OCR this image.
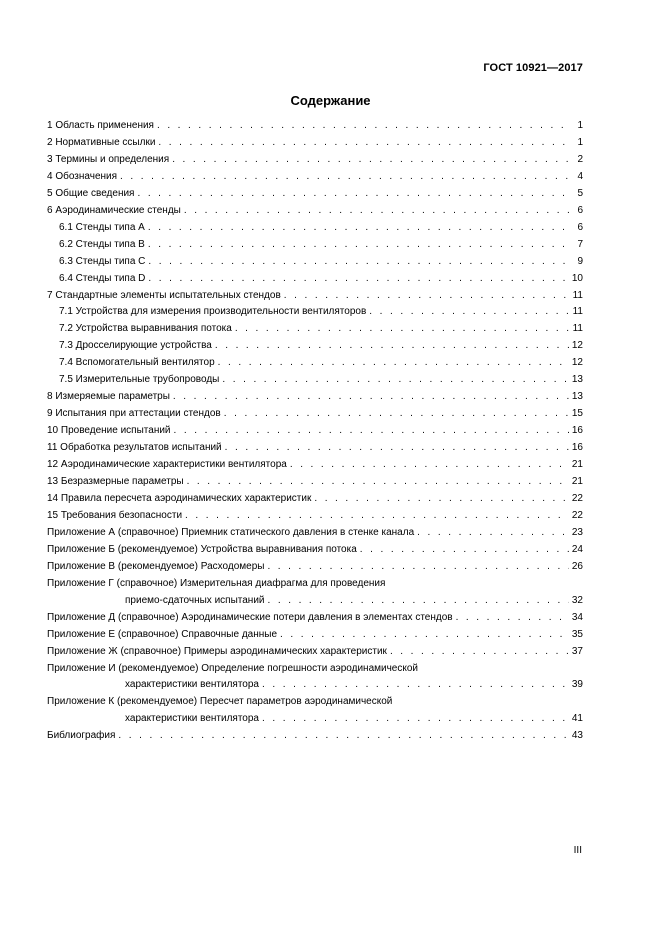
ГОСТ 10921—2017
Содержание
1 Область применения . . .	1
2 Нормативные ссылки . . .	1
3 Термины и определения . . .	2
4 Обозначения . . .	4
5 Общие сведения . . .	5
6 Аэродинамические стенды . . .	6
6.1 Стенды типа А . . .	6
6.2 Стенды типа В . . .	7
6.3 Стенды типа С . . .	9
6.4 Стенды типа D . . .	10
7 Стандартные элементы испытательных стендов . . .	11
7.1 Устройства для измерения производительности вентиляторов . . .	11
7.2 Устройства выравнивания потока . . .	11
7.3 Дросселирующие устройства . . .	12
7.4 Вспомогательный вентилятор . . .	12
7.5 Измерительные трубопроводы . . .	13
8 Измеряемые параметры . . .	13
9 Испытания при аттестации стендов . . .	15
10 Проведение испытаний . . .	16
11 Обработка результатов испытаний . . .	16
12 Аэродинамические характеристики вентилятора . . .	21
13 Безразмерные параметры . . .	21
14 Правила пересчета аэродинамических характеристик . . .	22
15 Требования безопасности . . .	22
Приложение А (справочное) Приемник статического давления в стенке канала . . .	23
Приложение Б (рекомендуемое) Устройства выравнивания потока . . .	24
Приложение В (рекомендуемое) Расходомеры . . .	26
Приложение Г (справочное) Измерительная диафрагма для проведения
приемо-сдаточных испытаний . . .	32
Приложение Д (справочное) Аэродинамические потери давления в элементах стендов . . .	34
Приложение Е (справочное) Справочные данные . . .	35
Приложение Ж (справочное) Примеры аэродинамических характеристик . . .	37
Приложение И (рекомендуемое) Определение погрешности аэродинамической
характеристики вентилятора . . .	39
Приложение К (рекомендуемое) Пересчет параметров аэродинамической
характеристики вентилятора . . .	41
Библиография . . .	43
III
